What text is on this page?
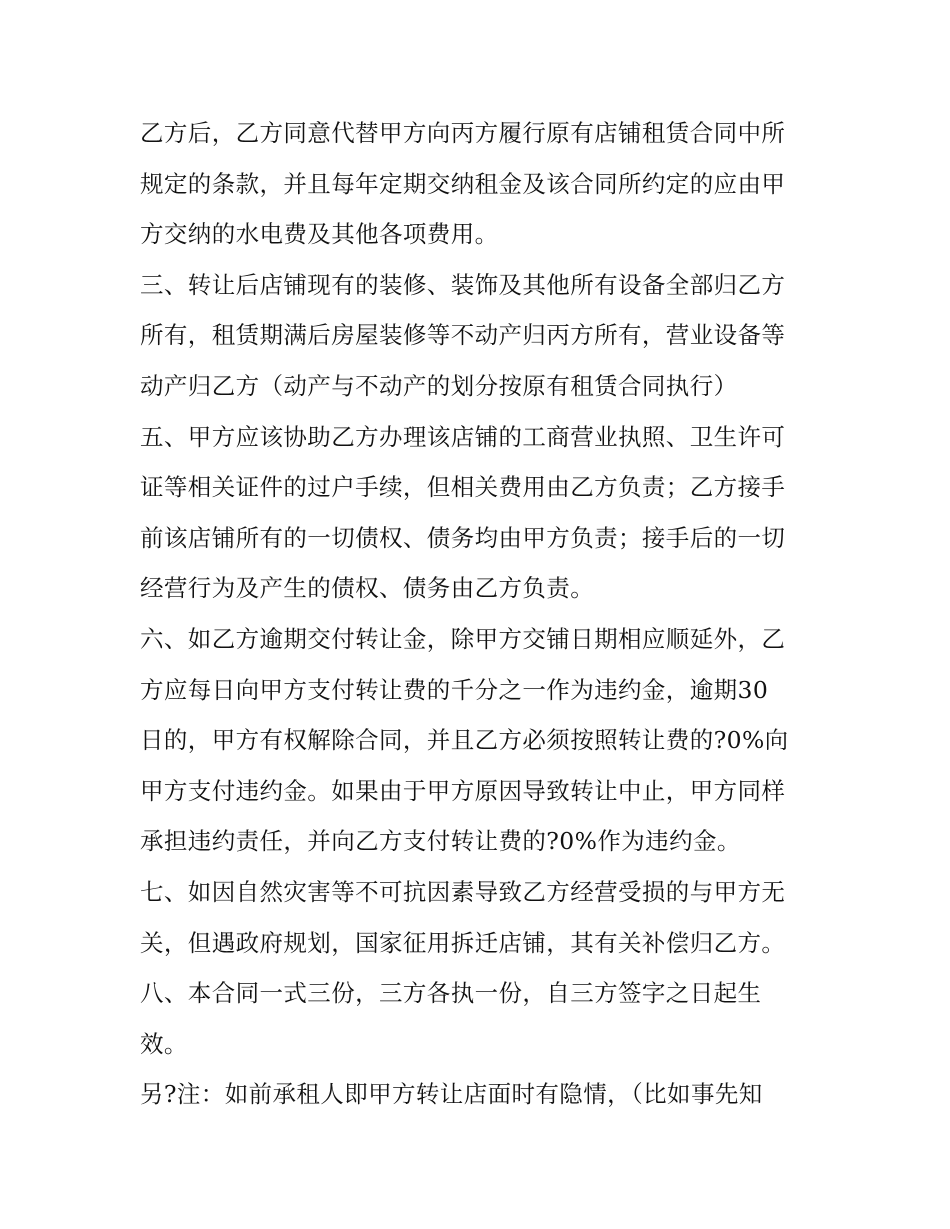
乙方后，乙方同意代替甲方向丙方履行原有店铺租赁合同中所
规定的条款，并且每年定期交纳租金及该合同所约定的应由甲
方交纳的水电费及其他各项费用。
三、转让后店铺现有的装修、装饰及其他所有设备全部归乙方
所有，租赁期满后房屋装修等不动产归丙方所有，营业设备等
动产归乙方（动产与不动产的划分按原有租赁合同执行）
五、甲方应该协助乙方办理该店铺的工商营业执照、卫生许可
证等相关证件的过户手续，但相关费用由乙方负责；乙方接手
前该店铺所有的一切债权、债务均由甲方负责；接手后的一切
经营行为及产生的债权、债务由乙方负责。
六、如乙方逾期交付转让金，除甲方交铺日期相应顺延外，乙
方应每日向甲方支付转让费的千分之一作为违约金，逾期30
日的，甲方有权解除合同，并且乙方必须按照转让费的?0%向
甲方支付违约金。如果由于甲方原因导致转让中止，甲方同样
承担违约责任，并向乙方支付转让费的?0%作为违约金。
七、如因自然灾害等不可抗因素导致乙方经营受损的与甲方无
关，但遇政府规划，国家征用拆迁店铺，其有关补偿归乙方。
八、本合同一式三份，三方各执一份，自三方签字之日起生
效。
另?注：如前承租人即甲方转让店面时有隐情，（比如事先知
